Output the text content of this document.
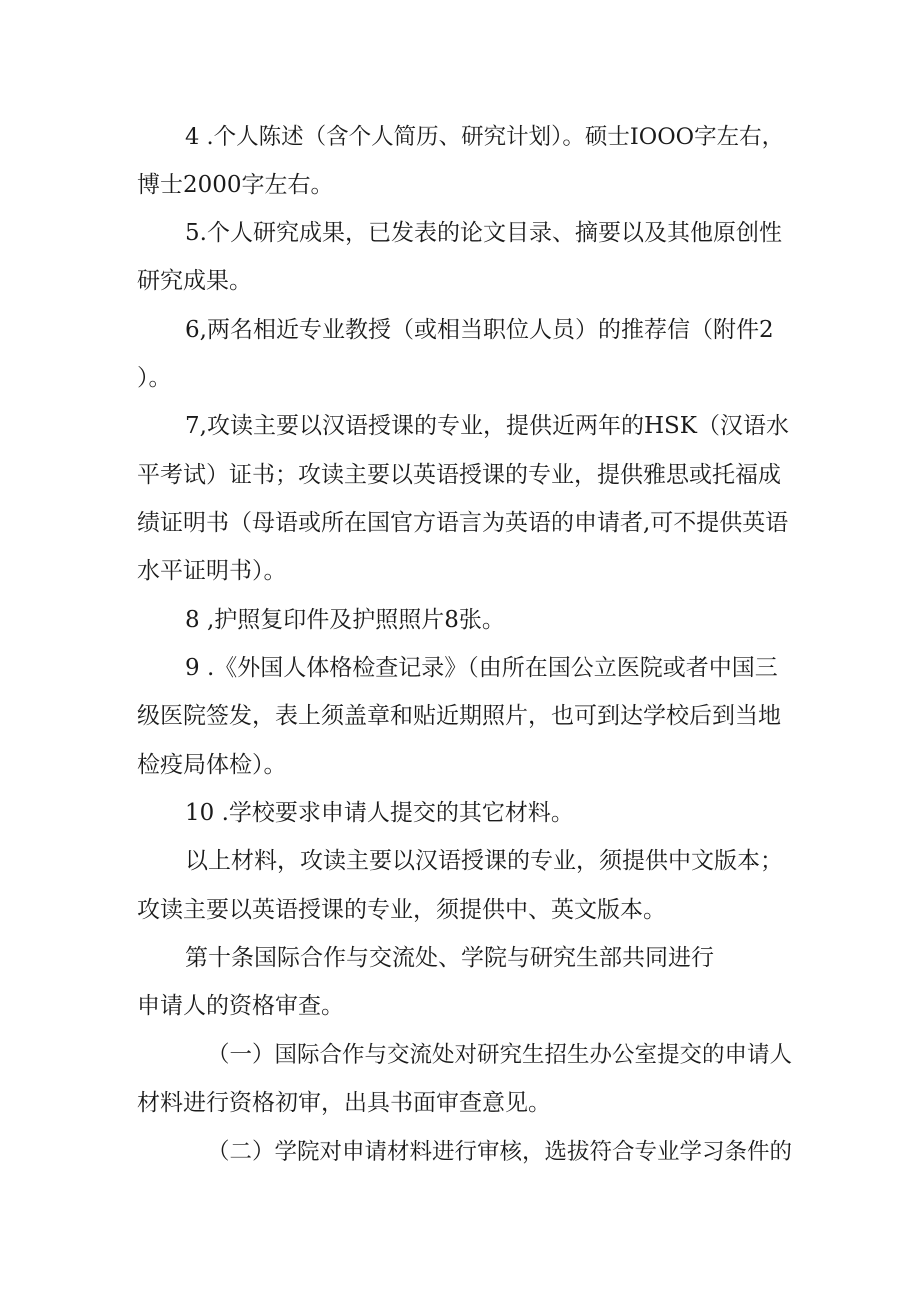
4 .个人陈述（含个人简历、研究计划）。硕士IOOO字左右，
博士2000字左右。
5.个人研究成果，已发表的论文目录、摘要以及其他原创性
研究成果。
6,两名相近专业教授（或相当职位人员）的推荐信（附件2
）。
7,攻读主要以汉语授课的专业，提供近两年的HSK（汉语水
平考试）证书；攻读主要以英语授课的专业，提供雅思或托福成
绩证明书（母语或所在国官方语言为英语的申请者,可不提供英语
水平证明书）。
8 ,护照复印件及护照照片8张。
9 .《外国人体格检查记录》（由所在国公立医院或者中国三
级医院签发，表上须盖章和贴近期照片，也可到达学校后到当地
检疫局体检）。
10 .学校要求申请人提交的其它材料。
以上材料，攻读主要以汉语授课的专业，须提供中文版本；
攻读主要以英语授课的专业，须提供中、英文版本。
第十条国际合作与交流处、学院与研究生部共同进行
申请人的资格审查。
（一）国际合作与交流处对研究生招生办公室提交的申请人
材料进行资格初审，出具书面审查意见。
（二）学院对申请材料进行审核，选拔符合专业学习条件的
